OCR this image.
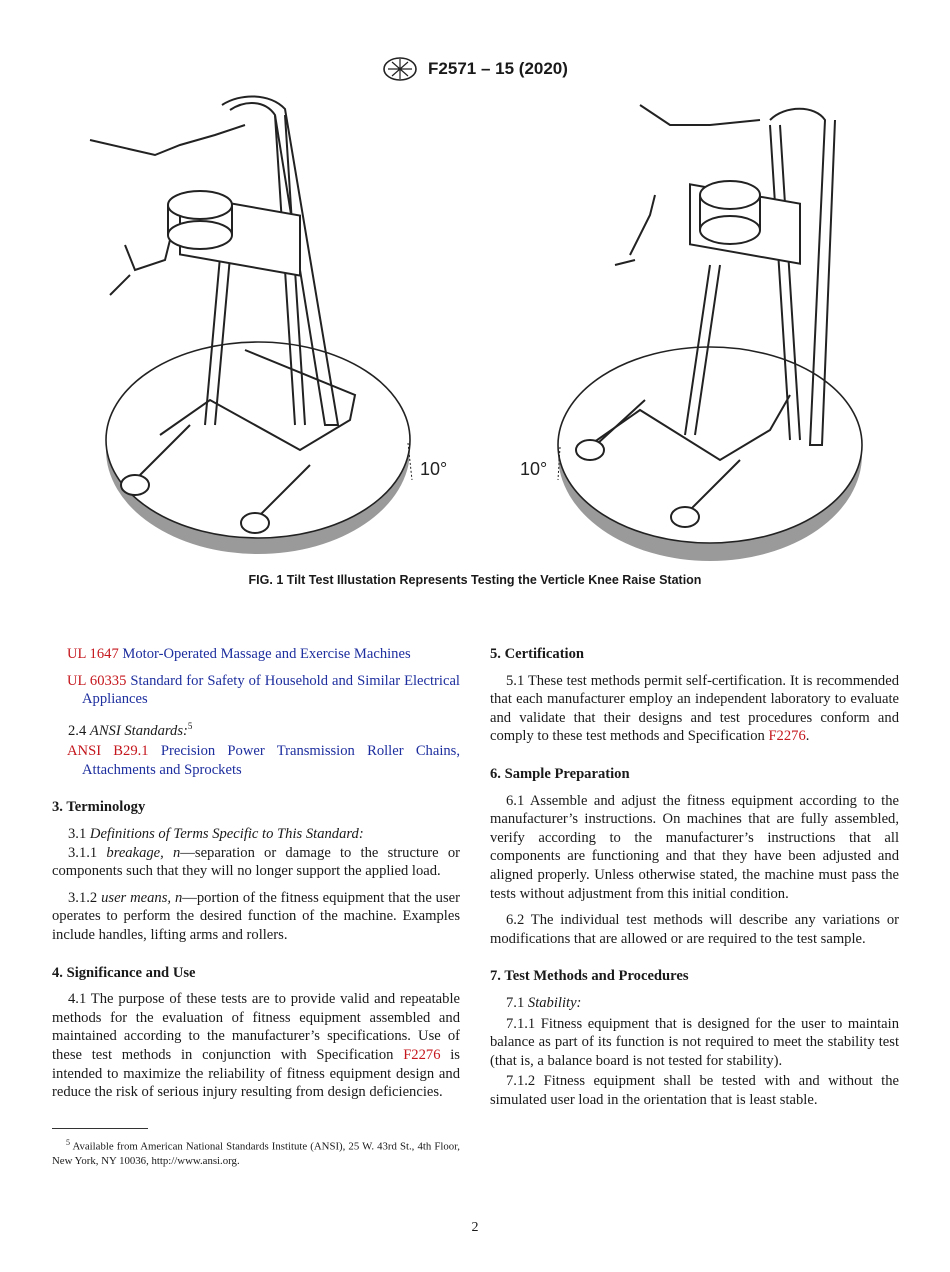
F2571 – 15 (2020)
10°	10°
FIG. 1 Tilt Test Illustation Represents Testing the Verticle Knee Raise Station

UL 1647 Motor-Operated Massage and Exercise Machines

UL 60335 Standard for Safety of Household and Similar Electrical Appliances

2.4 ANSI Standards:$^5$

ANSI B29.1 Precision Power Transmission Roller Chains, Attachments and Sprockets

3. Terminology

3.1 Definitions of Terms Specific to This Standard:

3.1.1 breakage, n—separation or damage to the structure or components such that they will no longer support the applied load.

3.1.2 user means, n—portion of the fitness equipment that the user operates to perform the desired function of the machine. Examples include handles, lifting arms and rollers.

4. Significance and Use

4.1 The purpose of these tests are to provide valid and repeatable methods for the evaluation of fitness equipment assembled and maintained according to the manufacturer’s specifications. Use of these test methods in conjunction with Specification F2276 is intended to maximize the reliability of fitness equipment design and reduce the risk of serious injury resulting from design deficiencies.

$^5$ Available from American National Standards Institute (ANSI), 25 W. 43rd St., 4th Floor, New York, NY 10036, http://www.ansi.org.

5. Certification

5.1 These test methods permit self-certification. It is recommended that each manufacturer employ an independent laboratory to evaluate and validate that their designs and test procedures conform and comply to these test methods and Specification F2276.

6. Sample Preparation

6.1 Assemble and adjust the fitness equipment according to the manufacturer’s instructions. On machines that are fully assembled, verify according to the manufacturer’s instructions that all components are functioning and that they have been adjusted and aligned properly. Unless otherwise stated, the machine must pass the tests without adjustment from this initial condition.

6.2 The individual test methods will describe any variations or modifications that are allowed or are required to the test sample.

7. Test Methods and Procedures

7.1 Stability:

7.1.1 Fitness equipment that is designed for the user to maintain balance as part of its function is not required to meet the stability test (that is, a balance board is not tested for stability).

7.1.2 Fitness equipment shall be tested with and without the simulated user load in the orientation that is least stable.

2
